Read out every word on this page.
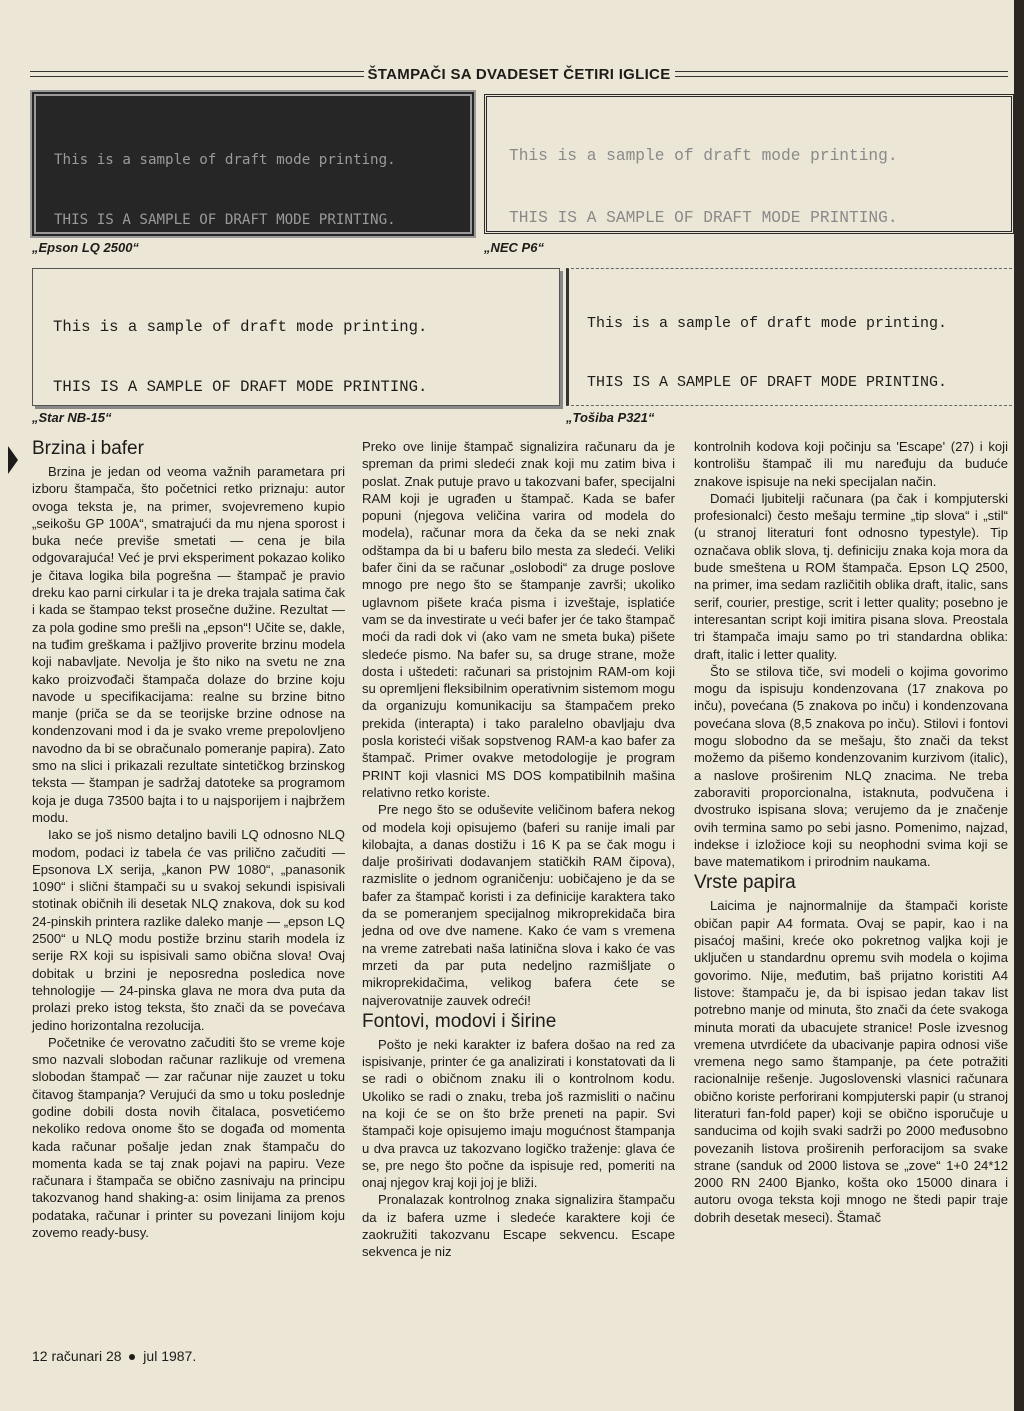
ŠTAMPAČI SA DVADESET ČETIRI IGLICE

This is a sample of draft mode printing.

THIS IS A SAMPLE OF DRAFT MODE PRINTING.

„Epson LQ 2500“

This is a sample of draft mode printing.

THIS IS A SAMPLE OF DRAFT MODE PRINTING.

„NEC P6“

This is a sample of draft mode printing.

THIS IS A SAMPLE OF DRAFT MODE PRINTING.

„Star NB-15“

This is a sample of draft mode printing.

THIS IS A SAMPLE OF DRAFT MODE PRINTING.

„Tošiba P321“
Brzina i bafer

Brzina je jedan od veoma važnih parametara pri izboru štampača, što početnici retko priznaju: autor ovoga teksta je, na primer, svojevremeno kupio „seikošu GP 100A“, smatrajući da mu njena sporost i buka neće previše smetati — cena je bila odgovarajuća! Već je prvi eksperiment pokazao koliko je čitava logika bila pogrešna — štampač je pravio dreku kao parni cirkular i ta je dreka trajala satima čak i kada se štampao tekst prosečne dužine. Rezultat — za pola godine smo prešli na „epson“! Učite se, dakle, na tuđim greškama i pažljivo proverite brzinu modela koji nabavljate. Nevolja je što niko na svetu ne zna kako proizvođači štampača dolaze do brzine koju navode u specifikacijama: realne su brzine bitno manje (priča se da se teorijske brzine odnose na kondenzovani mod i da je svako vreme prepolovljeno navodno da bi se obračunalo pomeranje papira). Zato smo na slici i prikazali rezultate sintetičkog brzinskog teksta — štampan je sadržaj datoteke sa programom koja je duga 73500 bajta i to u najsporijem i najbržem modu.

Iako se još nismo detaljno bavili LQ odnosno NLQ modom, podaci iz tabela će vas prilično začuditi — Epsonova LX serija, „kanon PW 1080“, „panasonik 1090“ i slični štampači su u svakoj sekundi ispisivali stotinak običnih ili desetak NLQ znakova, dok su kod 24-pinskih printera razlike daleko manje — „epson LQ 2500“ u NLQ modu postiže brzinu starih modela iz serije RX koji su ispisivali samo obična slova! Ovaj dobitak u brzini je neposredna posledica nove tehnologije — 24-pinska glava ne mora dva puta da prolazi preko istog teksta, što znači da se povećava jedino horizontalna rezolucija.

Početnike će verovatno začuditi što se vreme koje smo nazvali slobodan računar razlikuje od vremena slobodan štampač — zar računar nije zauzet u toku čitavog štampanja? Verujući da smo u toku poslednje godine dobili dosta novih čitalaca, posvetićemo nekoliko redova onome što se događa od momenta kada računar pošalje jedan znak štampaču do momenta kada se taj znak pojavi na papiru. Veze računara i štampača se obično zasnivaju na principu takozvanog hand shaking-a: osim linijama za prenos podataka, računar i printer su povezani linijom koju zovemo ready-busy.

Preko ove linije štampač signalizira računaru da je spreman da primi sledeći znak koji mu zatim biva i poslat. Znak putuje pravo u takozvani bafer, specijalni RAM koji je ugrađen u štampač. Kada se bafer popuni (njegova veličina varira od modela do modela), računar mora da čeka da se neki znak odštampa da bi u baferu bilo mesta za sledeći. Veliki bafer čini da se računar „oslobodi“ za druge poslove mnogo pre nego što se štampanje završi; ukoliko uglavnom pišete kraća pisma i izveštaje, isplatiće vam se da investirate u veći bafer jer će tako štampač moći da radi dok vi (ako vam ne smeta buka) pišete sledeće pismo. Na bafer su, sa druge strane, može dosta i uštedeti: računari sa pristojnim RAM-om koji su opremljeni fleksibilnim operativnim sistemom mogu da organizuju komunikaciju sa štampačem preko prekida (interapta) i tako paralelno obavljaju dva posla koristeći višak sopstvenog RAM-a kao bafer za štampač. Primer ovakve metodologije je program PRINT koji vlasnici MS DOS kompatibilnih mašina relativno retko koriste.

Pre nego što se oduševite veličinom bafera nekog od modela koji opisujemo (baferi su ranije imali par kilobajta, a danas dostižu i 16 K pa se čak mogu i dalje proširivati dodavanjem statičkih RAM čipova), razmislite o jednom ograničenju: uobičajeno je da se bafer za štampač koristi i za definicije karaktera tako da se pomeranjem specijalnog mikroprekidača bira jedna od ove dve namene. Kako će vam s vremena na vreme zatrebati naša latinična slova i kako će vas mrzeti da par puta nedeljno razmišljate o mikroprekidačima, velikog bafera ćete se najverovatnije zauvek odreći!

Fontovi, modovi i širine

Pošto je neki karakter iz bafera došao na red za ispisivanje, printer će ga analizirati i konstatovati da li se radi o običnom znaku ili o kontrolnom kodu. Ukoliko se radi o znaku, treba još razmisliti o načinu na koji će se on što brže preneti na papir. Svi štampači koje opisujemo imaju mogućnost štampanja u dva pravca uz takozvano logičko traženje: glava će se, pre nego što počne da ispisuje red, pomeriti na onaj njegov kraj koji joj je bliži.

Pronalazak kontrolnog znaka signalizira štampaču da iz bafera uzme i sledeće karaktere koji će zaokružiti takozvanu Escape sekvencu. Escape sekvenca je niz

kontrolnih kodova koji počinju sa 'Escape' (27) i koji kontrolišu štampač ili mu naređuju da buduće znakove ispisuje na neki specijalan način.

Domaći ljubitelji računara (pa čak i kompjuterski profesionalci) često mešaju termine „tip slova“ i „stil“ (u stranoj literaturi font odnosno typestyle). Tip označava oblik slova, tj. definiciju znaka koja mora da bude smeštena u ROM štampača. Epson LQ 2500, na primer, ima sedam različitih oblika draft, italic, sans serif, courier, prestige, scrit i letter quality; posebno je interesantan script koji imitira pisana slova. Preostala tri štampača imaju samo po tri standardna oblika: draft, italic i letter quality.

Što se stilova tiče, svi modeli o kojima govorimo mogu da ispisuju kondenzovana (17 znakova po inču), povećana (5 znakova po inču) i kondenzovana povećana slova (8,5 znakova po inču). Stilovi i fontovi mogu slobodno da se mešaju, što znači da tekst možemo da pišemo kondenzovanim kurzivom (italic), a naslove proširenim NLQ znacima. Ne treba zaboraviti proporcionalna, istaknuta, podvučena i dvostruko ispisana slova; verujemo da je značenje ovih termina samo po sebi jasno. Pomenimo, najzad, indekse i izložioce koji su neophodni svima koji se bave matematikom i prirodnim naukama.

Vrste papira

Laicima je najnormalnije da štampači koriste običan papir A4 formata. Ovaj se papir, kao i na pisaćoj mašini, kreće oko pokretnog valjka koji je uključen u standardnu opremu svih modela o kojima govorimo. Nije, međutim, baš prijatno koristiti A4 listove: štampaču je, da bi ispisao jedan takav list potrebno manje od minuta, što znači da ćete svakoga minuta morati da ubacujete stranice! Posle izvesnog vremena utvrdićete da ubacivanje papira odnosi više vremena nego samo štampanje, pa ćete potražiti racionalnije rešenje. Jugoslovenski vlasnici računara obično koriste perforirani kompjuterski papir (u stranoj literaturi fan-fold paper) koji se obično isporučuje u sanducima od kojih svaki sadrži po 2000 međusobno povezanih listova proširenih perforacijom sa svake strane (sanduk od 2000 listova se „zove“ 1+0 24*12 2000 RN 2400 Bjanko, košta oko 15000 dinara i autoru ovoga teksta koji mnogo ne štedi papir traje dobrih desetak meseci). Štamač

12 računari 28 jul 1987.
